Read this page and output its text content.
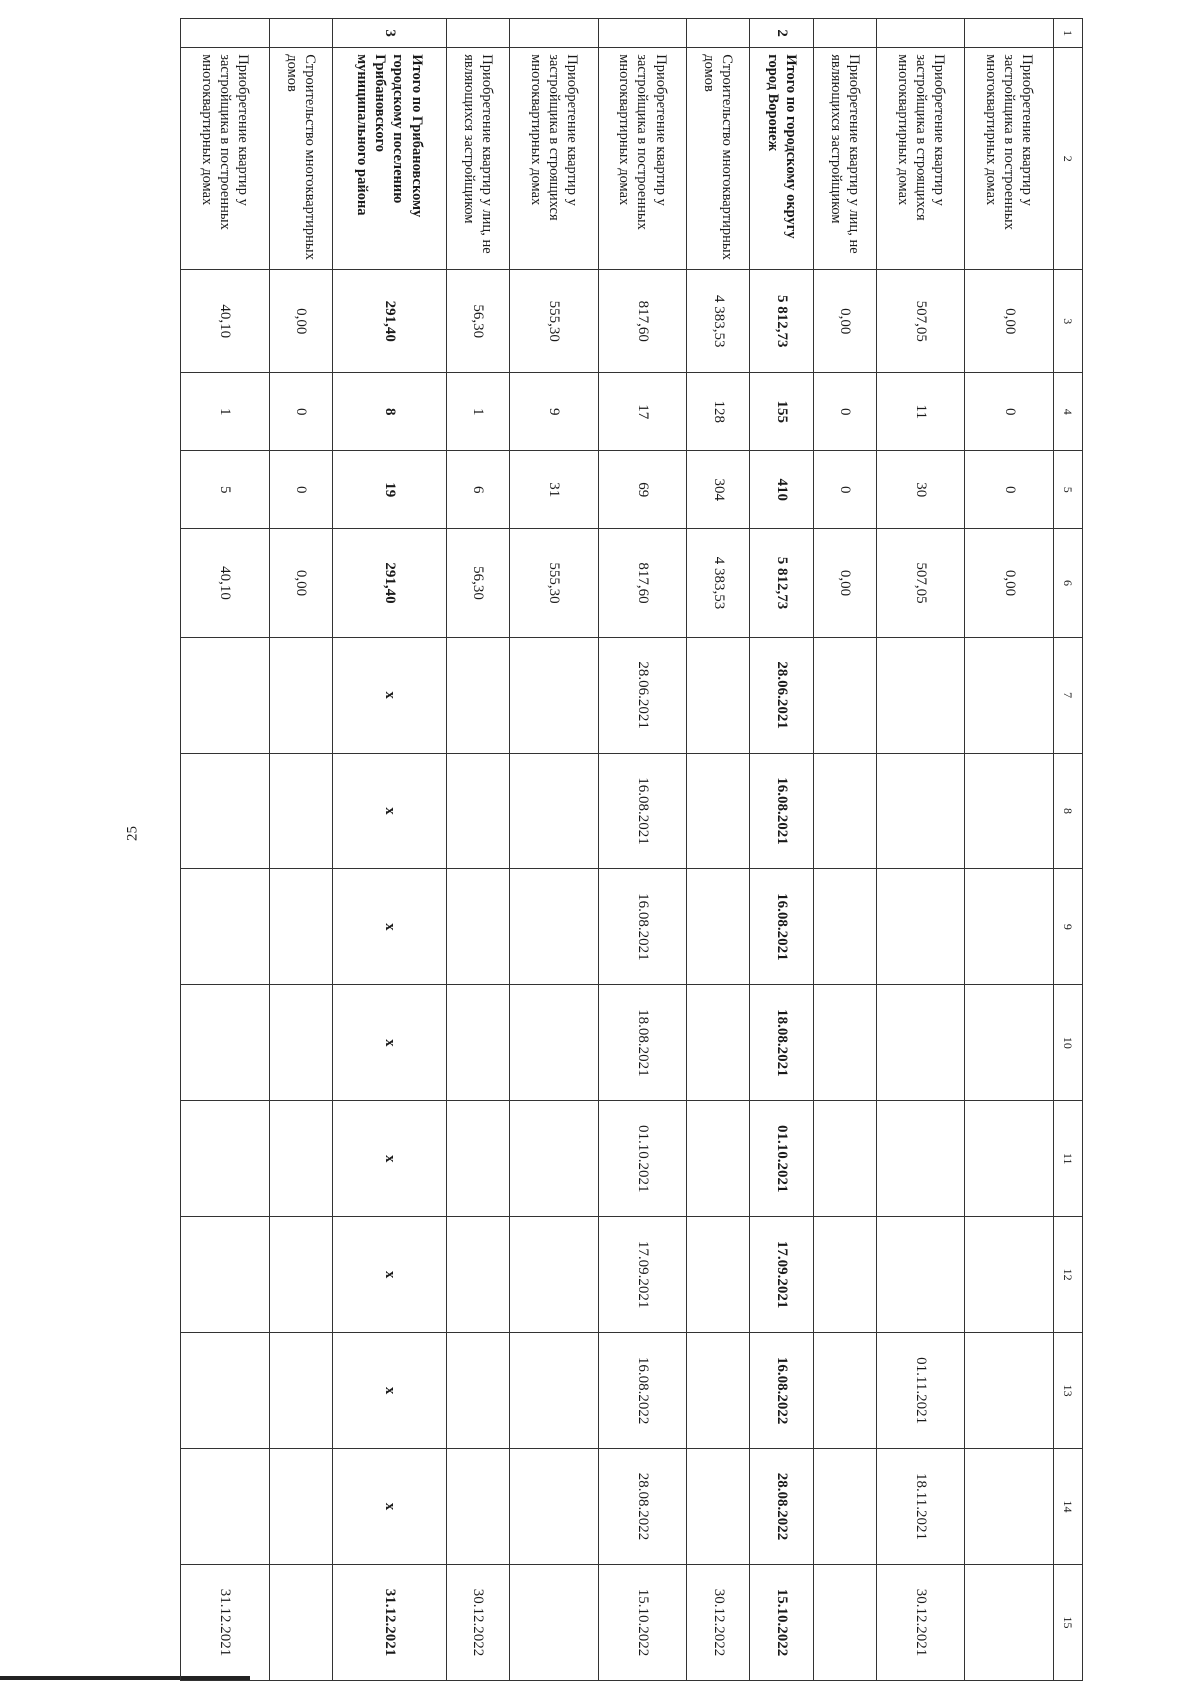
25
1	2	3	4	5	6	7	8	9	10	11	12	13	14	15
	Приобретение квартир у застройщика в построенных многоквартирных домах	0,00	0	0	0,00									
	Приобретение квартир у застройщика в строящихся многоквартирных домах	507,05	11	30	507,05							01.11.2021	18.11.2021	30.12.2021
	Приобретение квартир у лиц, не являющихся застройщиком	0,00	0	0	0,00									
2	Итого по городскому округу город Воронеж	5 812,73	155	410	5 812,73	28.06.2021	16.08.2021	16.08.2021	18.08.2021	01.10.2021	17.09.2021	16.08.2022	28.08.2022	15.10.2022
	Строительство многоквартирных домов	4 383,53	128	304	4 383,53									30.12.2022
	Приобретение квартир у застройщика в построенных многоквартирных домах	817,60	17	69	817,60	28.06.2021	16.08.2021	16.08.2021	18.08.2021	01.10.2021	17.09.2021	16.08.2022	28.08.2022	15.10.2022
	Приобретение квартир у застройщика в строящихся многоквартирных домах	555,30	9	31	555,30									
	Приобретение квартир у лиц, не являющихся застройщиком	56,30	1	6	56,30									30.12.2022
3	Итого по Грибановскому городскому поселению Грибановского муниципального района	291,40	8	19	291,40	x	x	x	x	x	x	x	x	31.12.2021
	Строительство многоквартирных домов	0,00	0	0	0,00									
	Приобретение квартир у застройщика в построенных многоквартирных домах	40,10	1	5	40,10									31.12.2021
